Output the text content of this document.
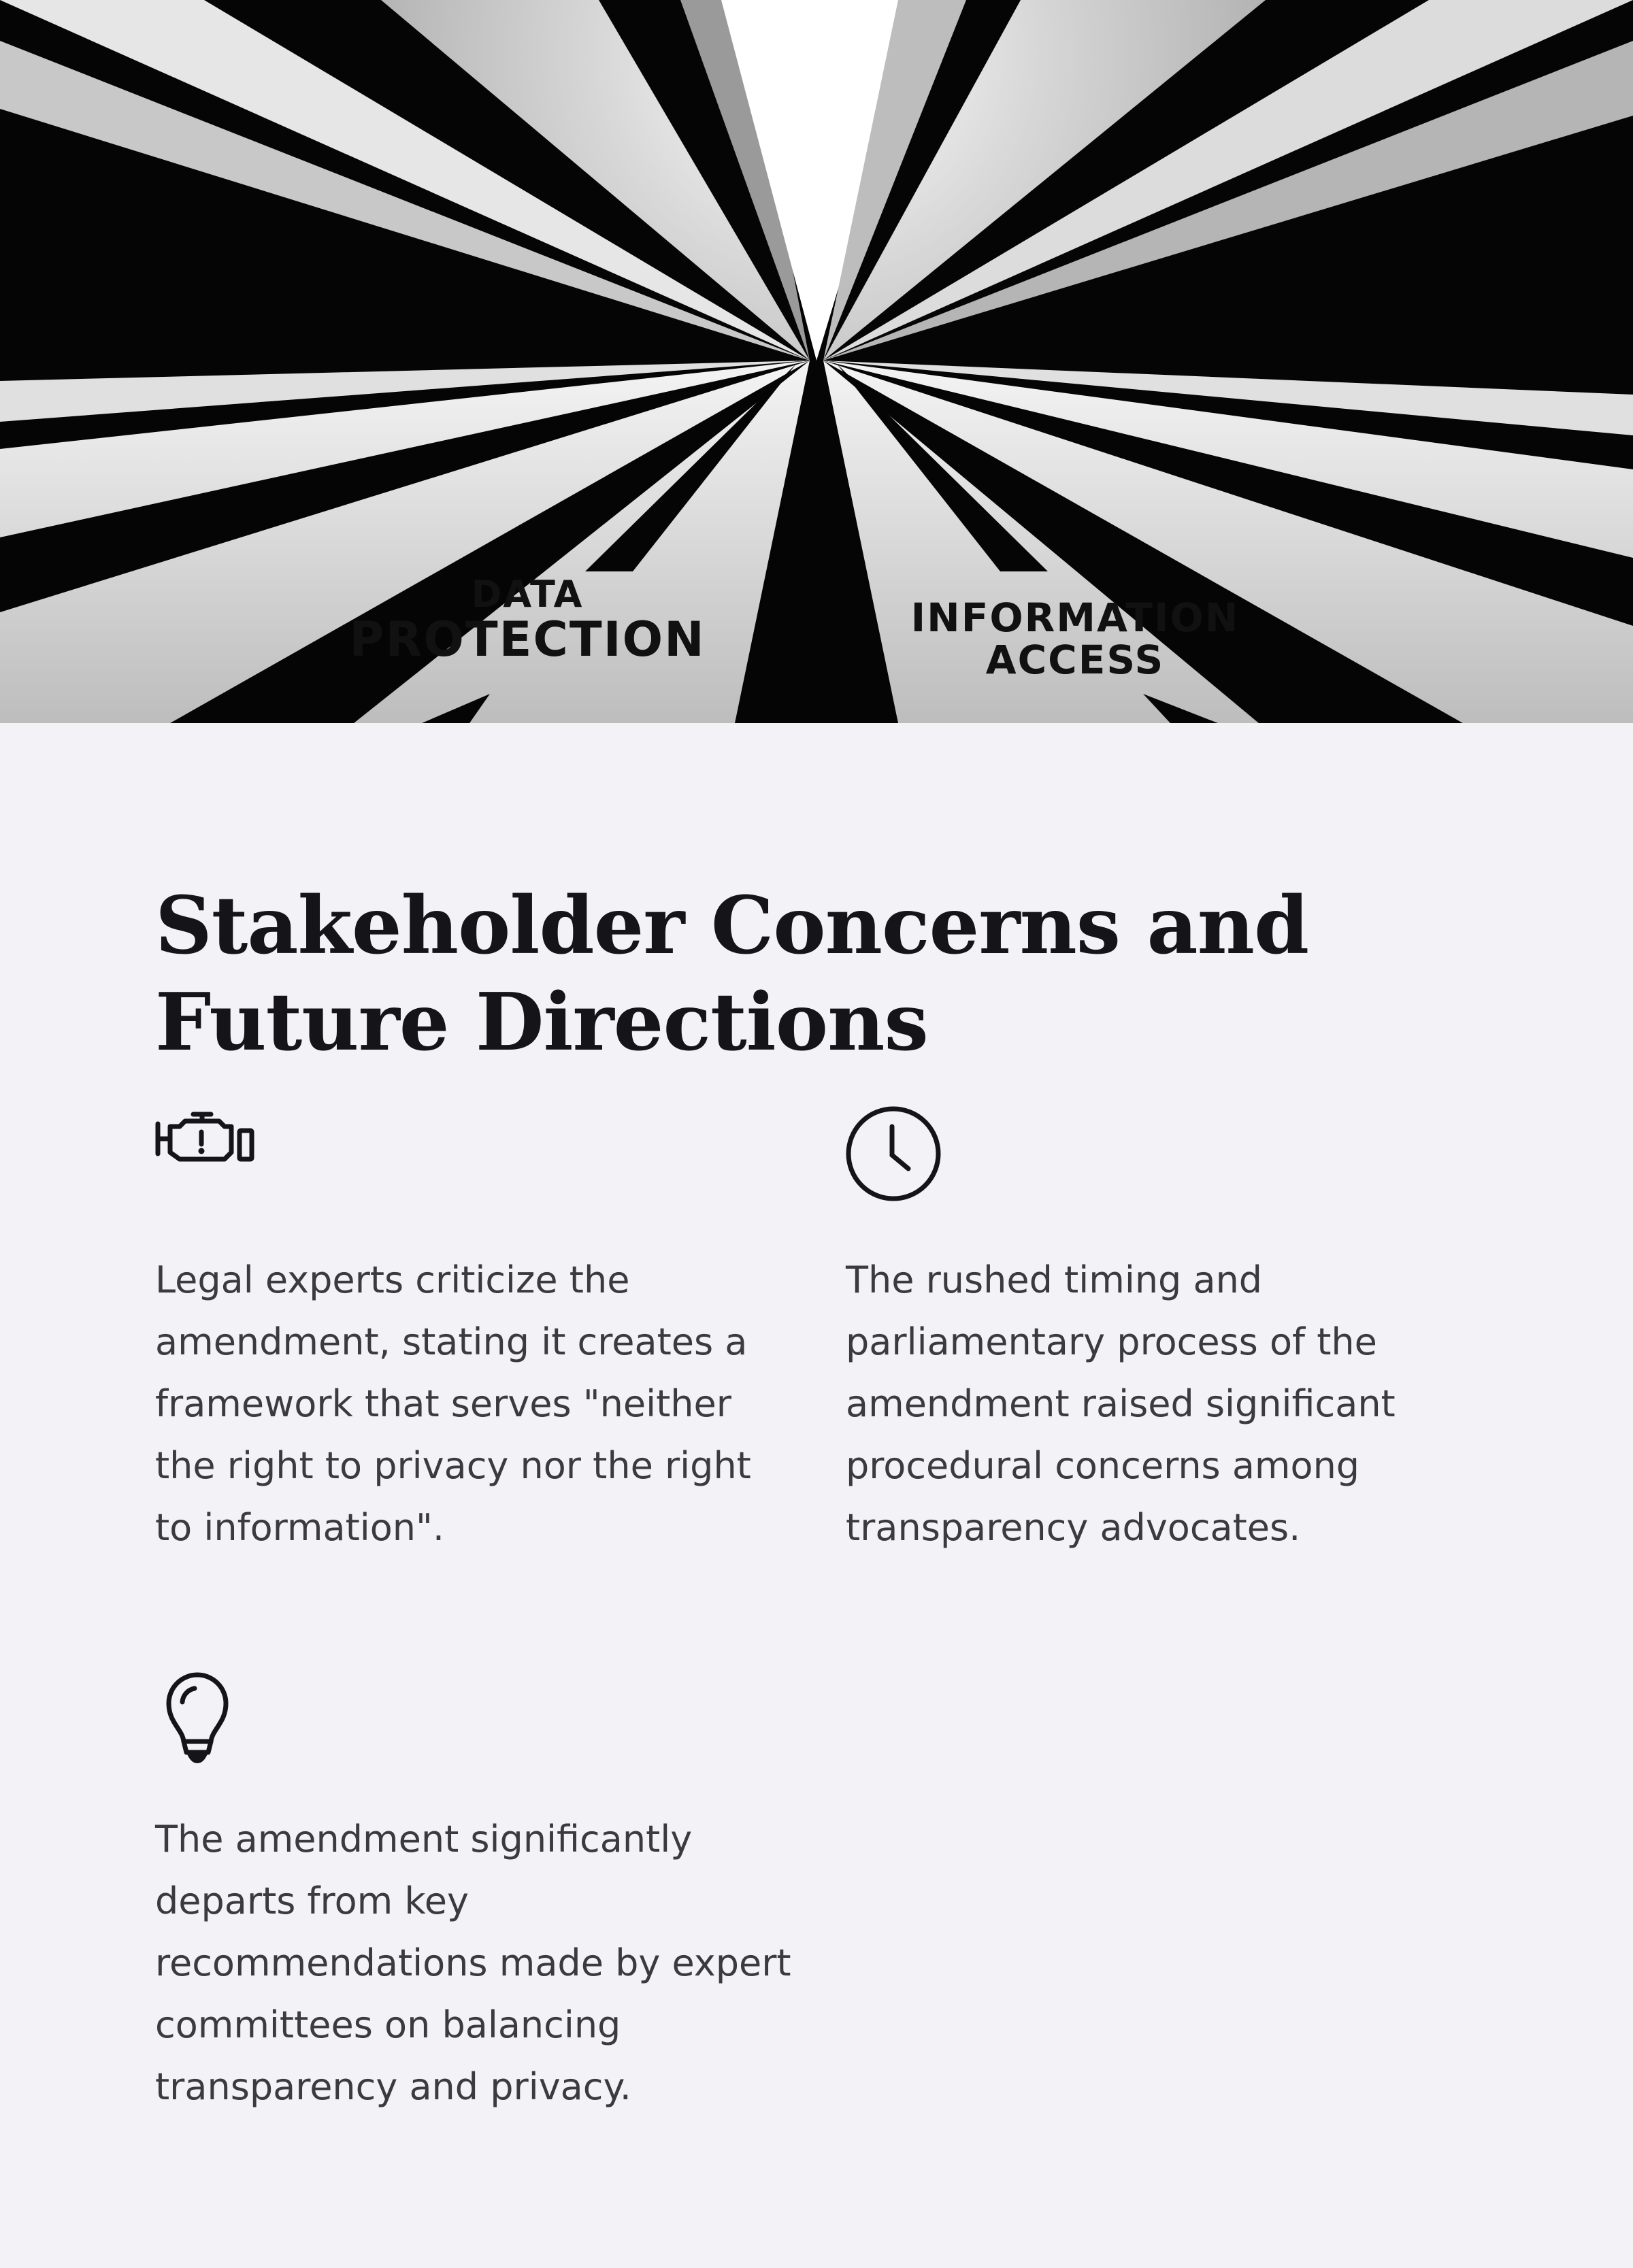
DATA
PROTECTION	INFORMATION
ACCESS
Stakeholder Concerns and Future Directions

Legal experts criticize the amendment, stating it creates a framework that serves "neither the right to privacy nor the right to information".

The rushed timing and parliamentary process of the amendment raised significant procedural concerns among transparency advocates.

The amendment significantly departs from key recommendations made by expert committees on balancing transparency and privacy.
